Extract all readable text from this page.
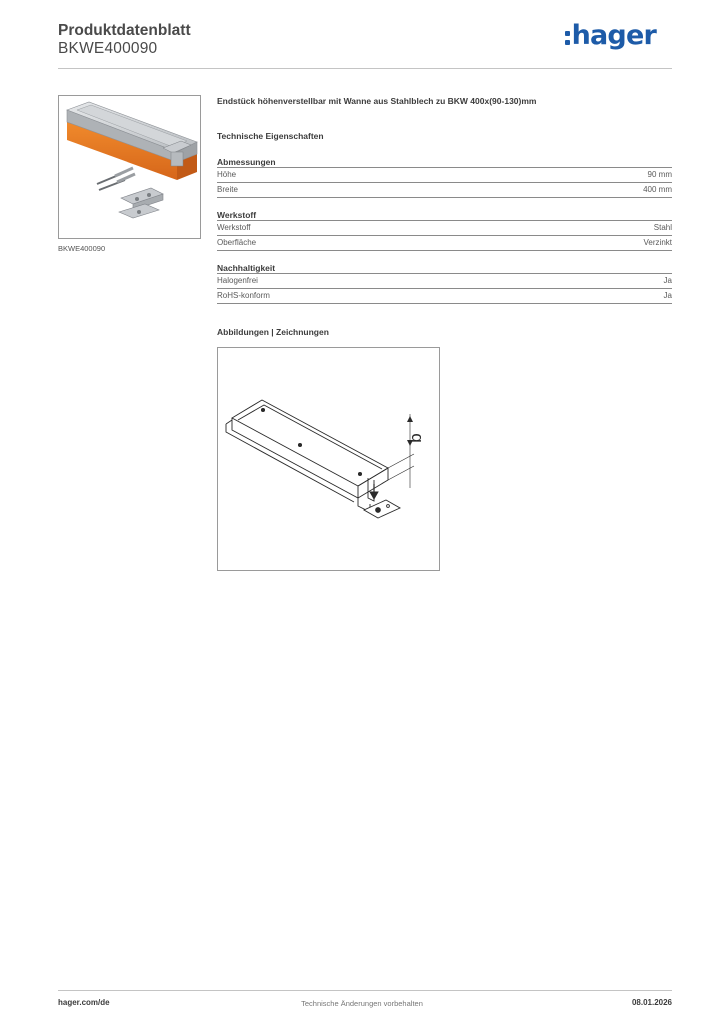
Produktdatenblatt
BKWE400090	hager
BKWE400090
Endstück höhenverstellbar mit Wanne aus Stahlblech zu BKW 400x(90-130)mm
Technische Eigenschaften
Abmessungen
Höhe	90 mm
Breite	400 mm
Werkstoff
Werkstoff	Stahl
Oberfläche	Verzinkt
Nachhaltigkeit
Halogenfrei	Ja
RoHS-konform	Ja
Abbildungen | Zeichnungen
b
hager.com/de	Technische Änderungen vorbehalten	08.01.2026
